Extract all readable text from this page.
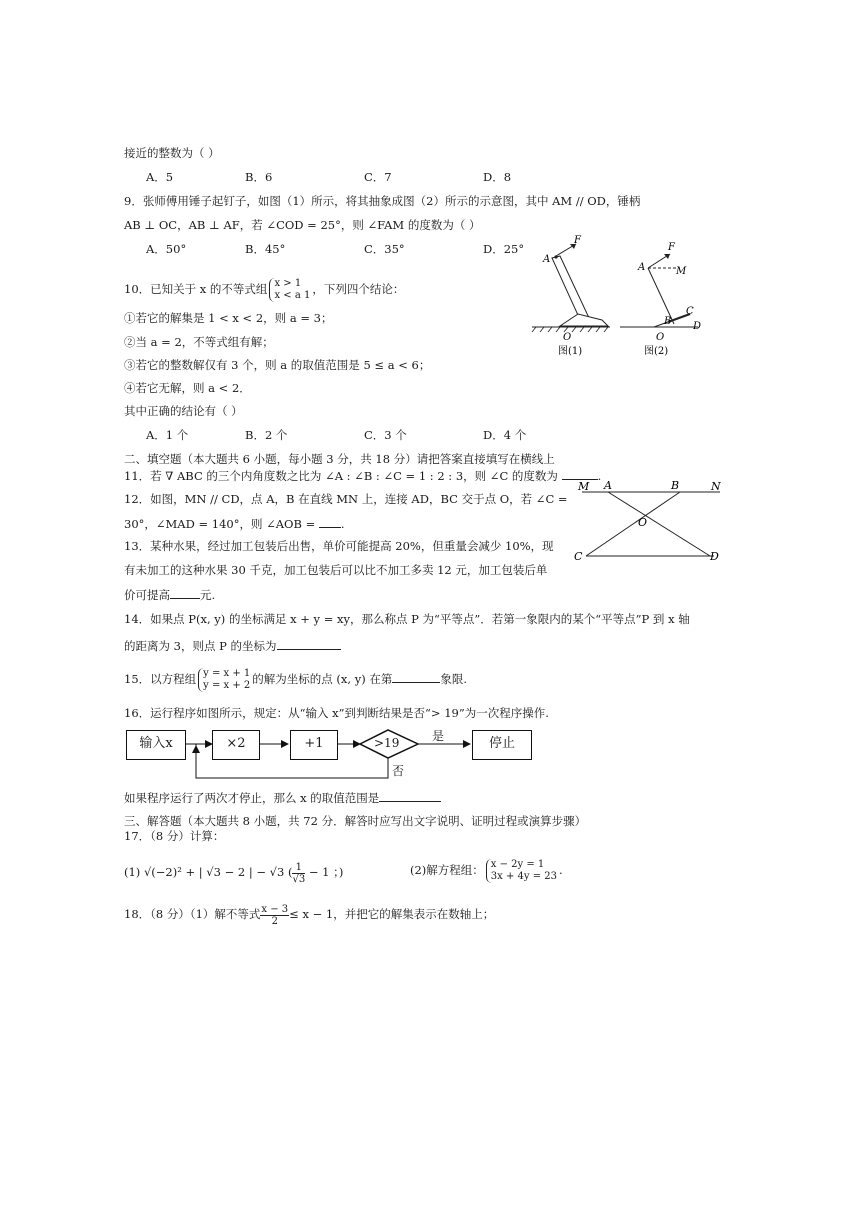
接近的整数为（ ）
A．5	B．6	C．7	D．8
9．张师傅用锤子起钉子，如图（1）所示，将其抽象成图（2）所示的示意图，其中 AM // OD，锤柄
AB ⊥ OC，AB ⊥ AF，若 ∠COD = 25°，则 ∠FAM 的度数为（ ）
A．50°	B．45°	C．35°	D．25°
F
A
O
图(1)
F
A	M
B
C
D
O
图(2)
10．已知关于 x 的不等式组 x > 1
x < a 1 ，下列四个结论：
①若它的解集是 1 < x < 2，则 a = 3；
②当 a = 2，不等式组有解；
③若它的整数解仅有 3 个，则 a 的取值范围是 5 ≤ a < 6；
④若它无解，则 a < 2．
其中正确的结论有（ ）
A．1 个	B．2 个	C．3 个	D．4 个
二、填空题（本大题共 6 小题，每小题 3 分，共 18 分）请把答案直接填写在横线上
11．若 ∇ ABC 的三个内角度数之比为 ∠A : ∠B : ∠C = 1 : 2 : 3，则 ∠C 的度数为	.
12．如图，MN // CD，点 A，B 在直线 MN 上，连接 AD，BC 交于点 O，若 ∠C =
30°，∠MAD = 140°，则 ∠AOB = .
M A	B	N
O
C	D
13．某种水果，经过加工包装后出售，单价可能提高 20%，但重量会减少 10%，现
有未加工的这种水果 30 千克，加工包装后可以比不加工多卖 12 元，加工包装后单
价可提高	元.
14．如果点 P(x, y) 的坐标满足 x + y = xy，那么称点 P 为“平等点”．若第一象限内的某个“平等点”P 到 x 轴
的距离为 3，则点 P 的坐标为
15．以方程组 y = x + 1
y = x + 2 的解为坐标的点 (x, y) 在第	象限.
16．运行程序如图所示，规定：从“输入 x”到判断结果是否“> 19”为一次程序操作.
输入x	×2	+1	>19	是
否
停止
如果程序运行了两次才停止，那么 x 的取值范围是
三、解答题（本大题共 8 小题，共 72 分．解答时应写出文字说明、证明过程或演算步骤）
17．（8 分）计算：
(1) √(−2)² + | √3 − 2 | − √3 ( $\frac{1}{√3} - 1$ ；)	(2)解方程组： x − 2y = 1
3x + 4y = 23 .
18．（8 分）（1）解不等式 $\frac{x - 3}{2} \le x - 1$，并把它的解集表示在数轴上；
